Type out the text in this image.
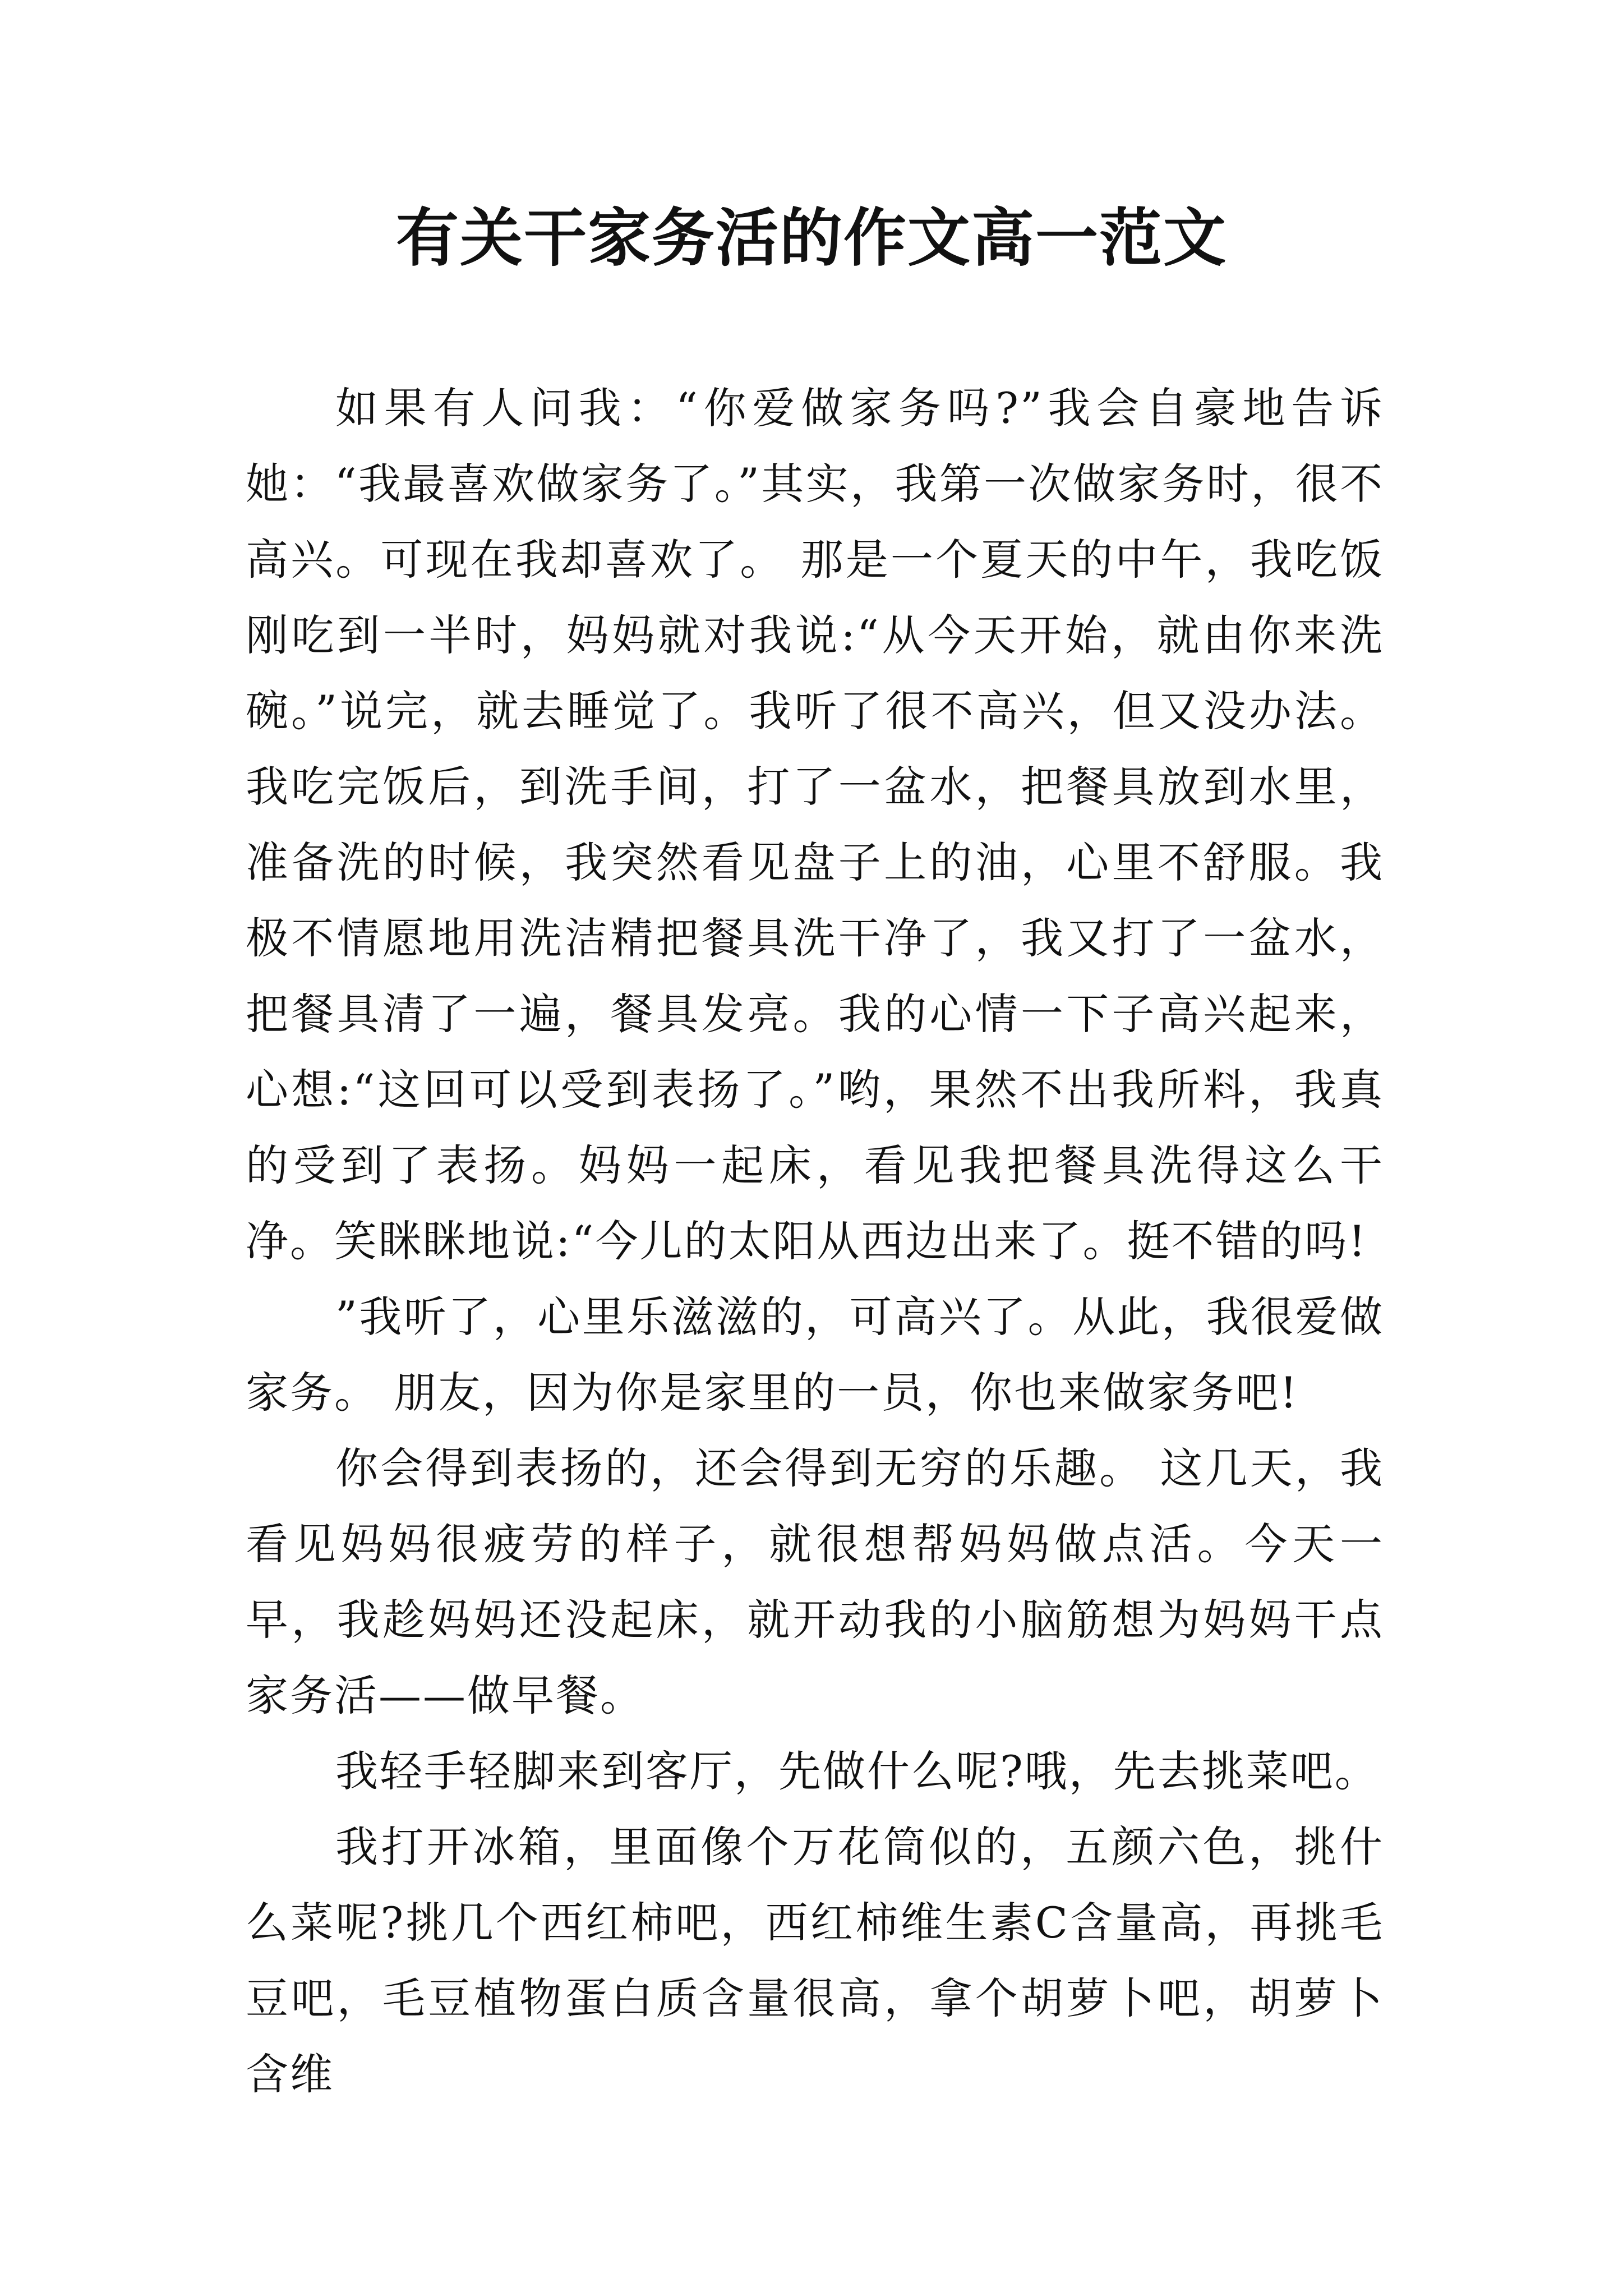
有关干家务活的作文高一范文

如果有人问我：“你爱做家务吗?”我会自豪地告诉她：“我最喜欢做家务了。”其实，我第一次做家务时，很不高兴。可现在我却喜欢了。 那是一个夏天的中午，我吃饭刚吃到一半时，妈妈就对我说:“从今天开始，就由你来洗碗。”说完，就去睡觉了。我听了很不高兴，但又没办法。我吃完饭后，到洗手间，打了一盆水，把餐具放到水里，准备洗的时候，我突然看见盘子上的油，心里不舒服。我极不情愿地用洗洁精把餐具洗干净了，我又打了一盆水，把餐具清了一遍，餐具发亮。我的心情一下子高兴起来，心想:“这回可以受到表扬了。”哟，果然不出我所料，我真的受到了表扬。妈妈一起床，看见我把餐具洗得这么干净。笑眯眯地说:“今儿的太阳从西边出来了。挺不错的吗!

”我听了，心里乐滋滋的，可高兴了。从此，我很爱做家务。 朋友，因为你是家里的一员，你也来做家务吧!

你会得到表扬的，还会得到无穷的乐趣。 这几天，我看见妈妈很疲劳的样子，就很想帮妈妈做点活。今天一早，我趁妈妈还没起床，就开动我的小脑筋想为妈妈干点家务活——做早餐。

我轻手轻脚来到客厅，先做什么呢?哦，先去挑菜吧。

我打开冰箱，里面像个万花筒似的，五颜六色，挑什么菜呢?挑几个西红柿吧，西红柿维生素C含量高，再挑毛豆吧，毛豆植物蛋白质含量很高，拿个胡萝卜吧，胡萝卜含维
